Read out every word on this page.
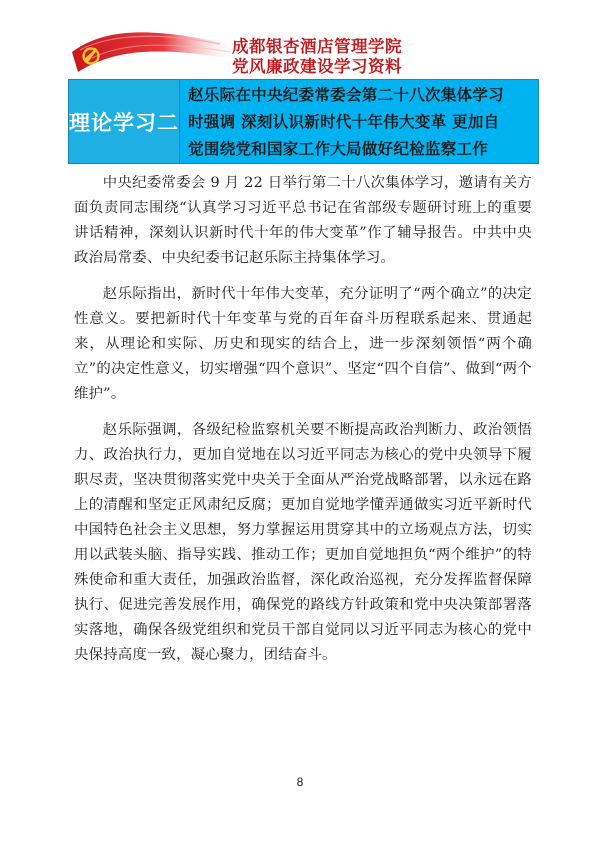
成都银杏酒店管理学院
党风廉政建设学习资料
理论学习二
赵乐际在中央纪委常委会第二十八次集体学习
时强调 深刻认识新时代十年伟大变革 更加自
觉围绕党和国家工作大局做好纪检监察工作

中央纪委常委会 9 月 22 日举行第二十八次集体学习，邀请有关方面负责同志围绕“认真学习习近平总书记在省部级专题研讨班上的重要讲话精神，深刻认识新时代十年的伟大变革”作了辅导报告。中共中央政治局常委、中央纪委书记赵乐际主持集体学习。

赵乐际指出，新时代十年伟大变革，充分证明了“两个确立”的决定性意义。要把新时代十年变革与党的百年奋斗历程联系起来、贯通起来，从理论和实际、历史和现实的结合上，进一步深刻领悟“两个确立”的决定性意义，切实增强“四个意识”、坚定“四个自信”、做到“两个维护”。

赵乐际强调，各级纪检监察机关要不断提高政治判断力、政治领悟力、政治执行力，更加自觉地在以习近平同志为核心的党中央领导下履职尽责，坚决贯彻落实党中央关于全面从严治党战略部署，以永远在路上的清醒和坚定正风肃纪反腐；更加自觉地学懂弄通做实习近平新时代中国特色社会主义思想，努力掌握运用贯穿其中的立场观点方法，切实用以武装头脑、指导实践、推动工作；更加自觉地担负“两个维护”的特殊使命和重大责任，加强政治监督，深化政治巡视，充分发挥监督保障执行、促进完善发展作用，确保党的路线方针政策和党中央决策部署落实落地，确保各级党组织和党员干部自觉同以习近平同志为核心的党中央保持高度一致，凝心聚力，团结奋斗。

8
